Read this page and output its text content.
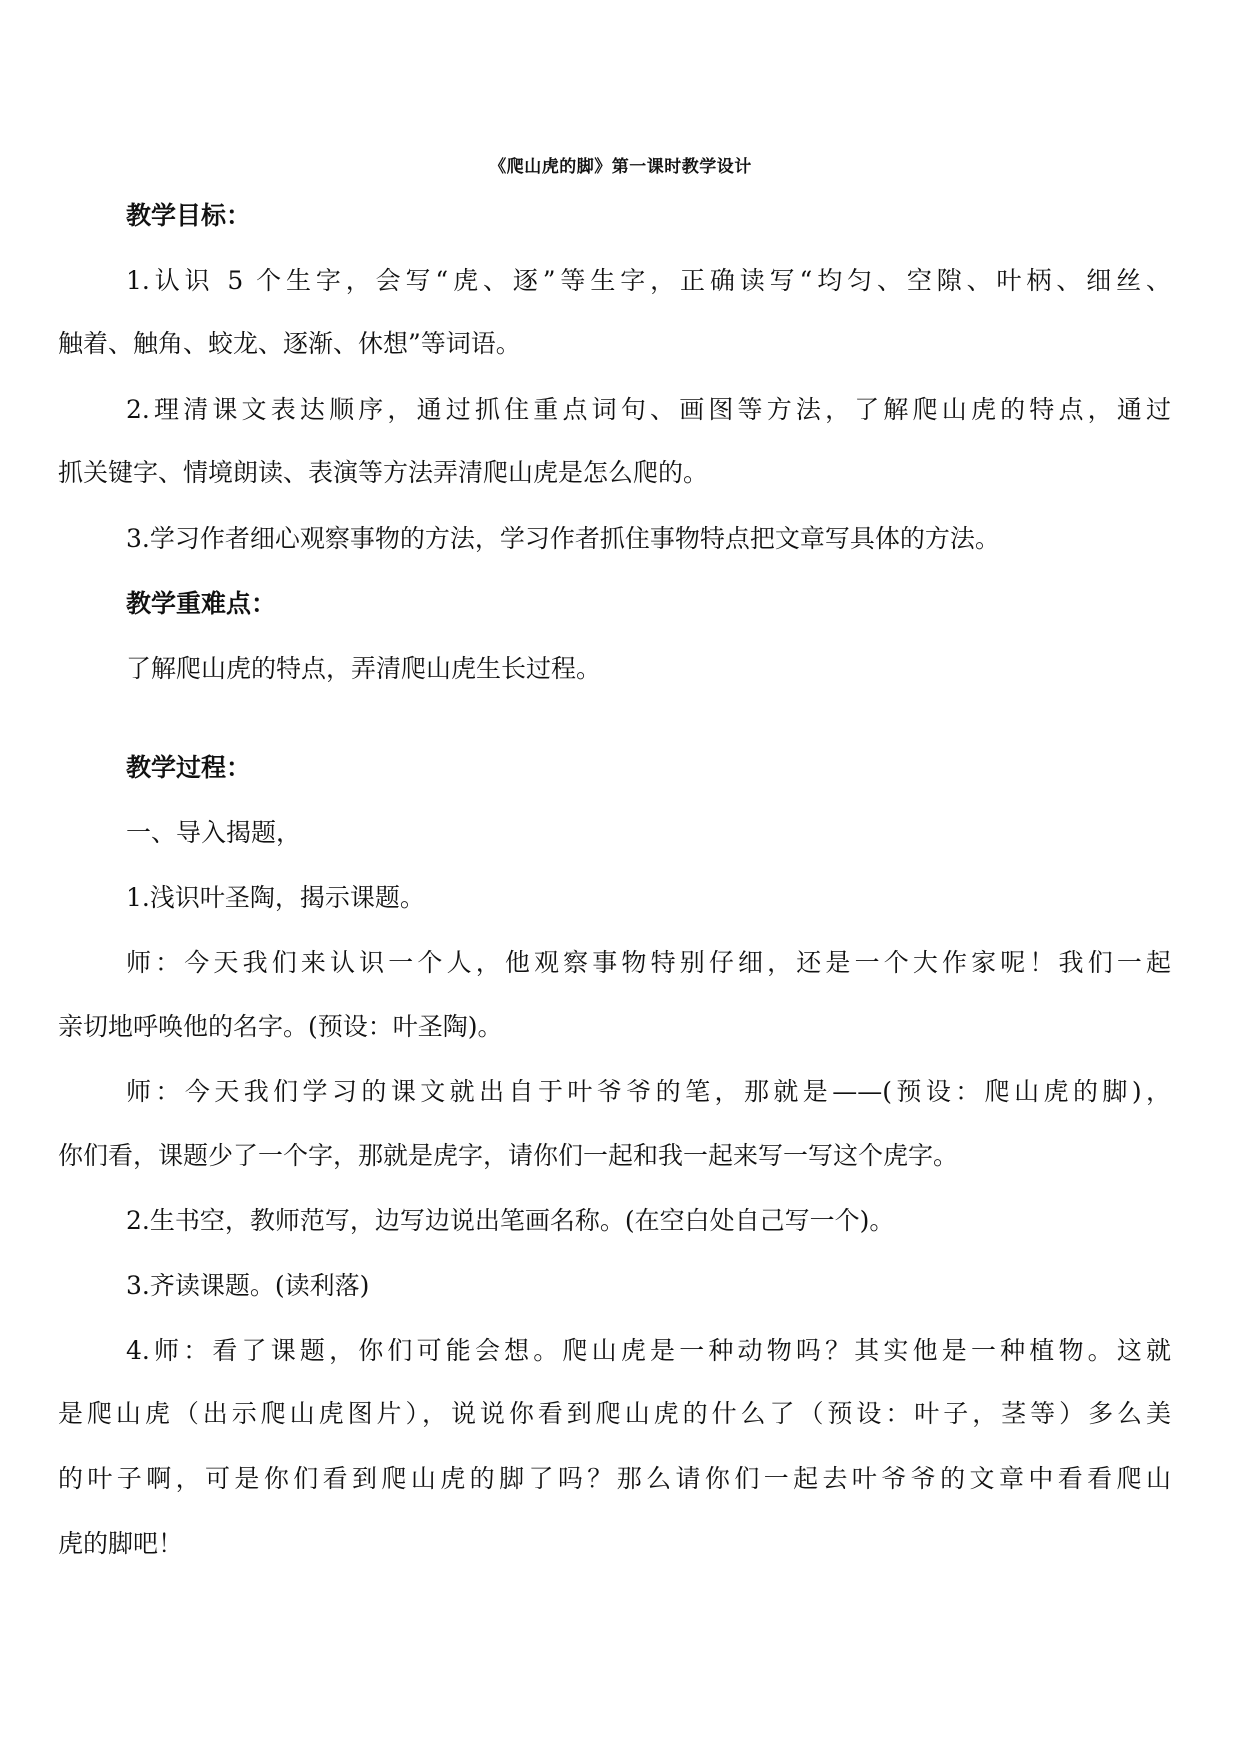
《爬山虎的脚》第一课时教学设计
教学目标：
1.认识 5 个生字，会写“虎、逐”等生字，正确读写“均匀、空隙、叶柄、细丝、
触着、触角、蛟龙、逐渐、休想”等词语。
2.理清课文表达顺序，通过抓住重点词句、画图等方法，了解爬山虎的特点，通过
抓关键字、情境朗读、表演等方法弄清爬山虎是怎么爬的。
3.学习作者细心观察事物的方法，学习作者抓住事物特点把文章写具体的方法。
教学重难点：
了解爬山虎的特点，弄清爬山虎生长过程。
教学过程：
一、导入揭题，
1.浅识叶圣陶，揭示课题。
师：今天我们来认识一个人，他观察事物特别仔细，还是一个大作家呢！我们一起
亲切地呼唤他的名字。(预设：叶圣陶)。
师：今天我们学习的课文就出自于叶爷爷的笔，那就是——(预设：爬山虎的脚)，
你们看，课题少了一个字，那就是虎字，请你们一起和我一起来写一写这个虎字。
2.生书空，教师范写，边写边说出笔画名称。(在空白处自己写一个)。
3.齐读课题。(读利落)
4.师：看了课题，你们可能会想。爬山虎是一种动物吗？其实他是一种植物。这就
是爬山虎（出示爬山虎图片），说说你看到爬山虎的什么了（预设：叶子，茎等）多么美
的叶子啊，可是你们看到爬山虎的脚了吗？那么请你们一起去叶爷爷的文章中看看爬山
虎的脚吧！
